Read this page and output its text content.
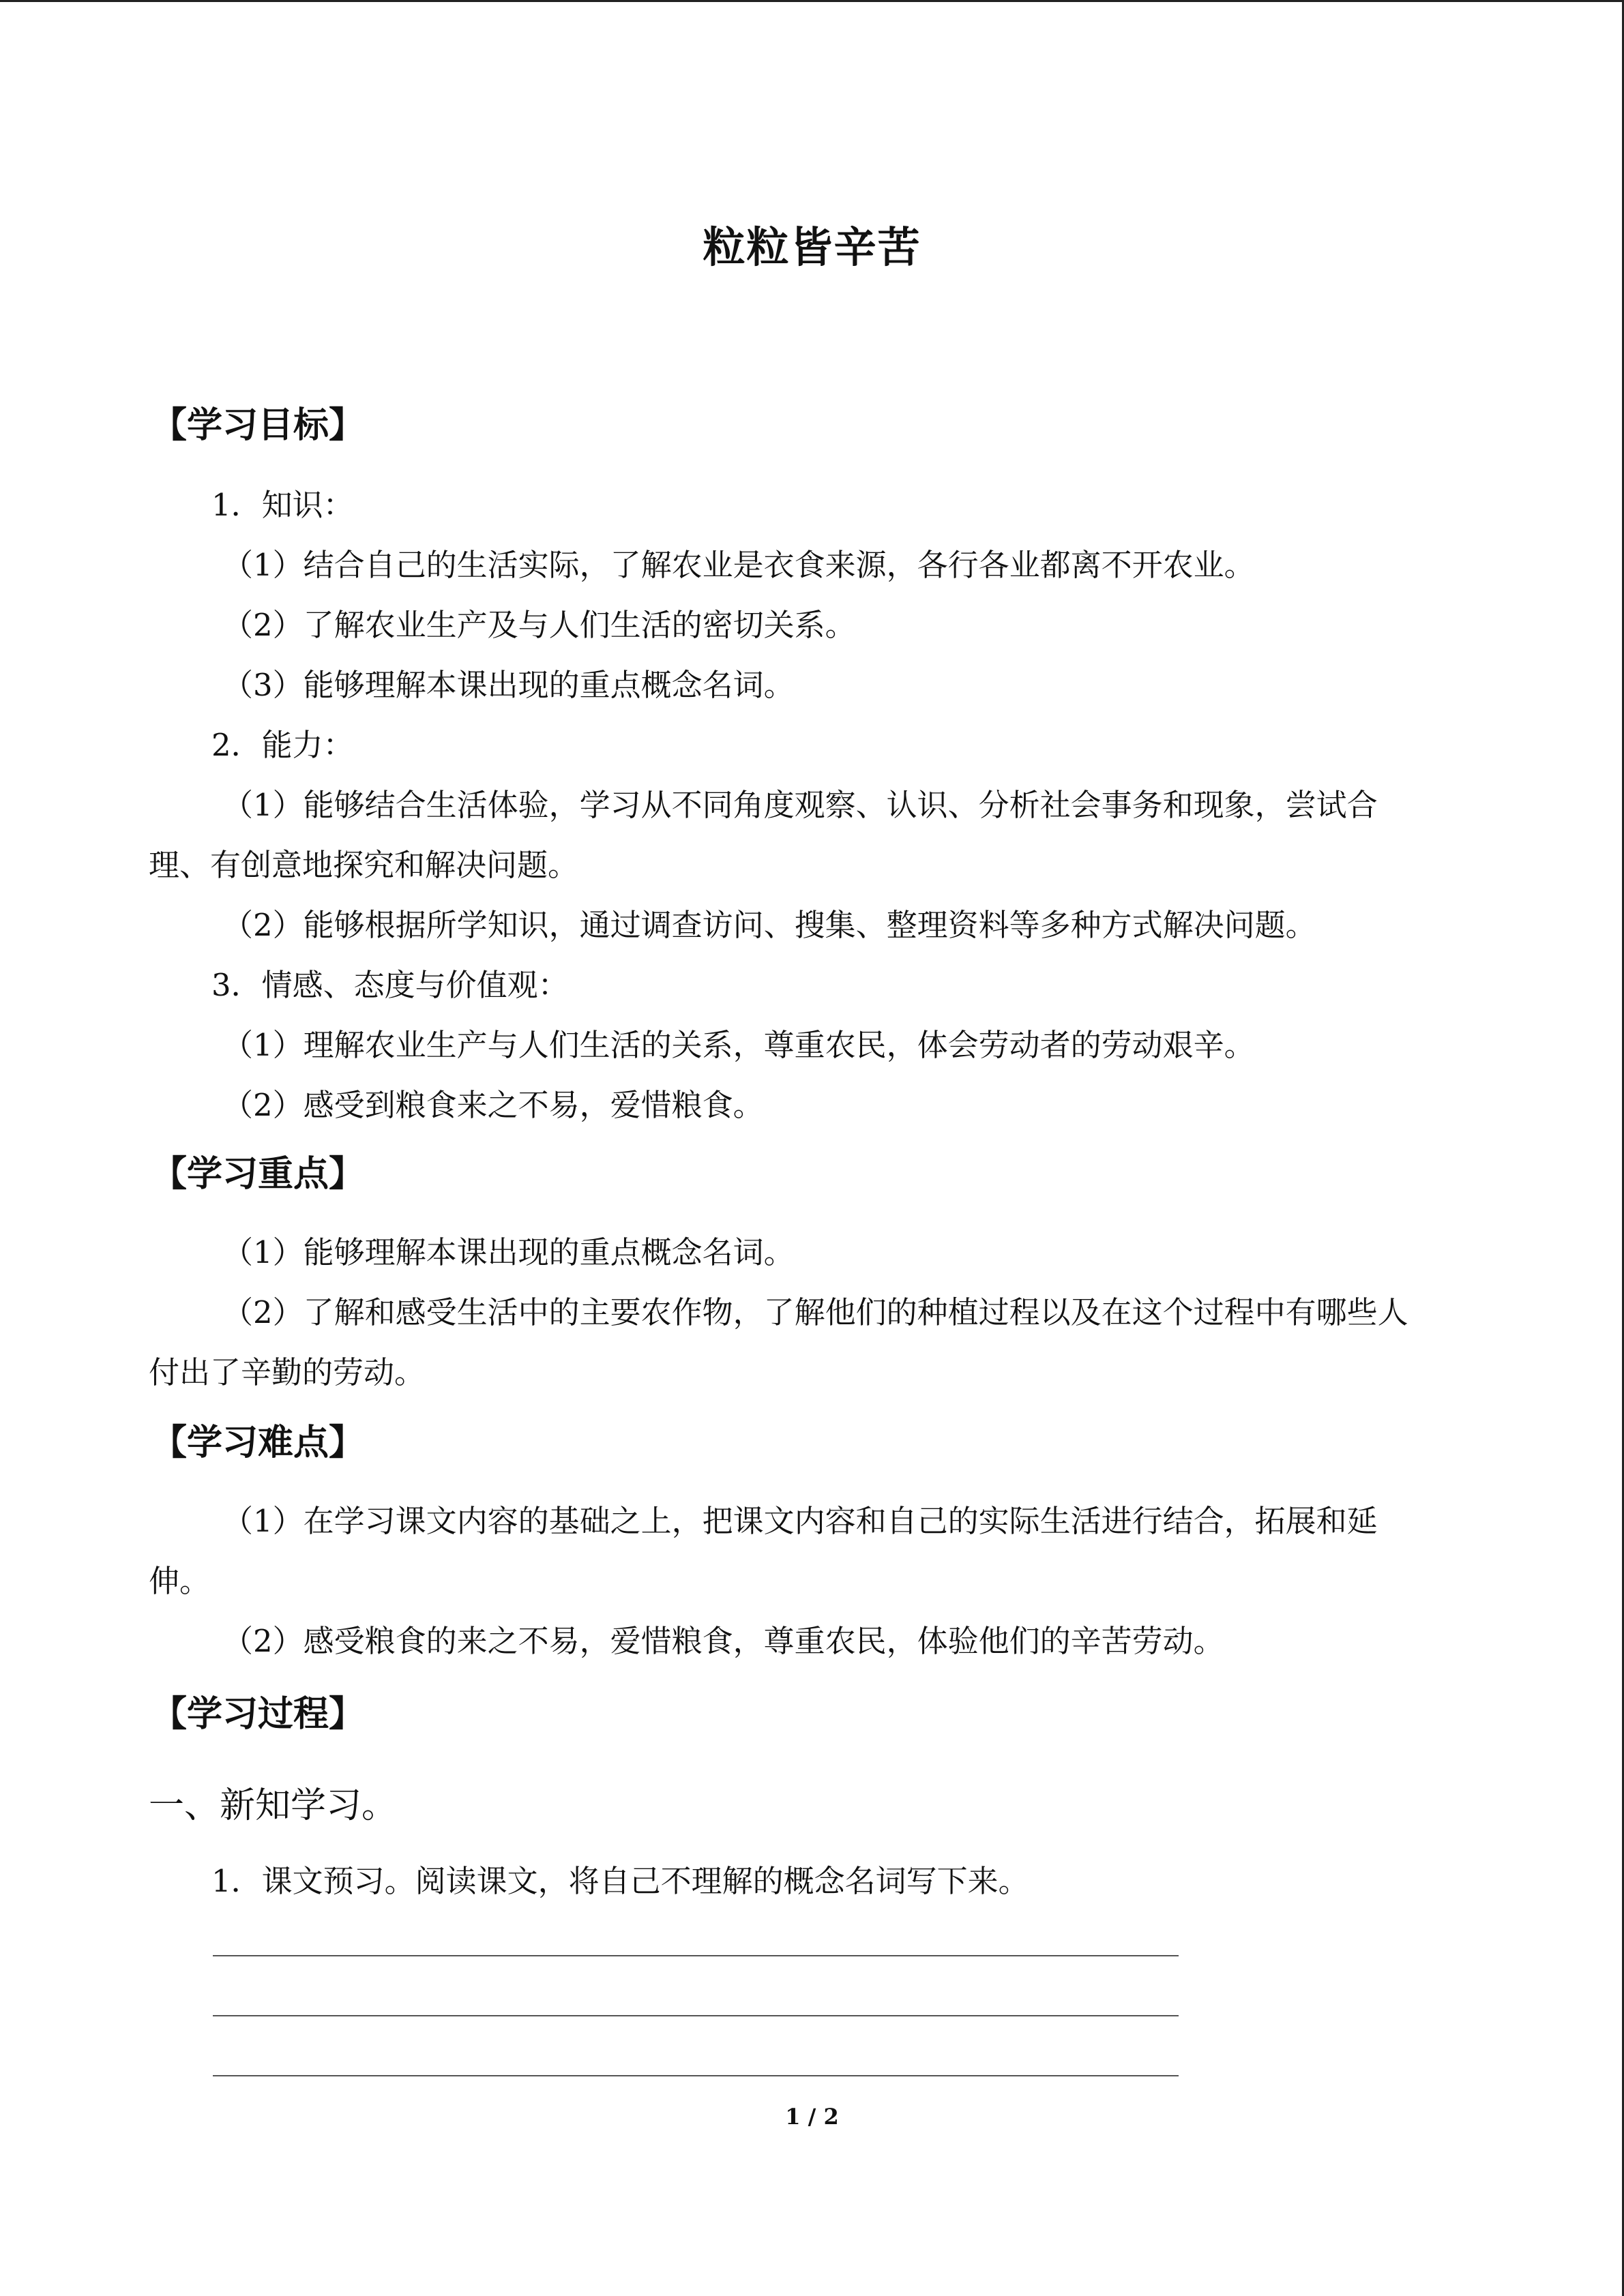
粒粒皆辛苦
【学习目标】
1．知识：
（1）结合自己的生活实际，了解农业是衣食来源，各行各业都离不开农业。
（2）了解农业生产及与人们生活的密切关系。
（3）能够理解本课出现的重点概念名词。
2．能力：
（1）能够结合生活体验，学习从不同角度观察、认识、分析社会事务和现象，尝试合
理、有创意地探究和解决问题。
（2）能够根据所学知识，通过调查访问、搜集、整理资料等多种方式解决问题。
3．情感、态度与价值观：
（1）理解农业生产与人们生活的关系，尊重农民，体会劳动者的劳动艰辛。
（2）感受到粮食来之不易，爱惜粮食。
【学习重点】
（1）能够理解本课出现的重点概念名词。
（2）了解和感受生活中的主要农作物，了解他们的种植过程以及在这个过程中有哪些人
付出了辛勤的劳动。
【学习难点】
（1）在学习课文内容的基础之上，把课文内容和自己的实际生活进行结合，拓展和延
伸。
（2）感受粮食的来之不易，爱惜粮食，尊重农民，体验他们的辛苦劳动。
【学习过程】
一、新知学习。
1．课文预习。阅读课文，将自己不理解的概念名词写下来。
1 / 2
